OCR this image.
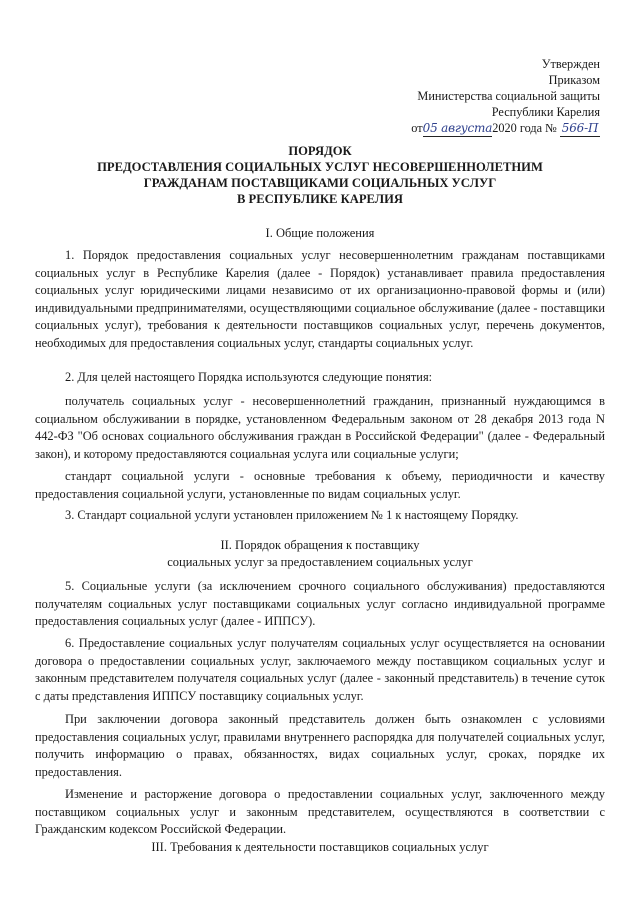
Утвержден
Приказом
Министерства социальной защиты
Республики Карелия
от05 августа2020 года № 566-П
ПОРЯДОК
ПРЕДОСТАВЛЕНИЯ СОЦИАЛЬНЫХ УСЛУГ НЕСОВЕРШЕННОЛЕТНИМ
ГРАЖДАНАМ ПОСТАВЩИКАМИ СОЦИАЛЬНЫХ УСЛУГ
В РЕСПУБЛИКЕ КАРЕЛИЯ
I. Общие положения
1. Порядок предоставления социальных услуг несовершеннолетним гражданам поставщиками социальных услуг в Республике Карелия (далее - Порядок) устанавливает правила предоставления социальных услуг юридическими лицами независимо от их организационно-правовой формы и (или) индивидуальными предпринимателями, осуществляющими социальное обслуживание (далее - поставщики социальных услуг), требования к деятельности поставщиков социальных услуг, перечень документов, необходимых для предоставления социальных услуг, стандарты социальных услуг.
2. Для целей настоящего Порядка используются следующие понятия:
получатель социальных услуг - несовершеннолетний гражданин, признанный нуждающимся в социальном обслуживании в порядке, установленном Федеральным законом от 28 декабря 2013 года N 442-ФЗ "Об основах социального обслуживания граждан в Российской Федерации" (далее - Федеральный закон), и которому предоставляются социальная услуга или социальные услуги;
стандарт социальной услуги - основные требования к объему, периодичности и качеству предоставления социальной услуги, установленные по видам социальных услуг.
3. Стандарт социальной услуги установлен приложением № 1 к настоящему Порядку.
II. Порядок обращения к поставщику
социальных услуг за предоставлением социальных услуг
5. Социальные услуги (за исключением срочного социального обслуживания) предоставляются получателям социальных услуг поставщиками социальных услуг согласно индивидуальной программе предоставления социальных услуг (далее - ИППСУ).
6. Предоставление социальных услуг получателям социальных услуг осуществляется на основании договора о предоставлении социальных услуг, заключаемого между поставщиком социальных услуг и законным представителем получателя социальных услуг (далее - законный представитель) в течение суток с даты представления ИППСУ поставщику социальных услуг.
При заключении договора законный представитель должен быть ознакомлен с условиями предоставления социальных услуг, правилами внутреннего распорядка для получателей социальных услуг, получить информацию о правах, обязанностях, видах социальных услуг, сроках, порядке их предоставления.
Изменение и расторжение договора о предоставлении социальных услуг, заключенного между поставщиком социальных услуг и законным представителем, осуществляются в соответствии с Гражданским кодексом Российской Федерации.
III. Требования к деятельности поставщиков социальных услуг
